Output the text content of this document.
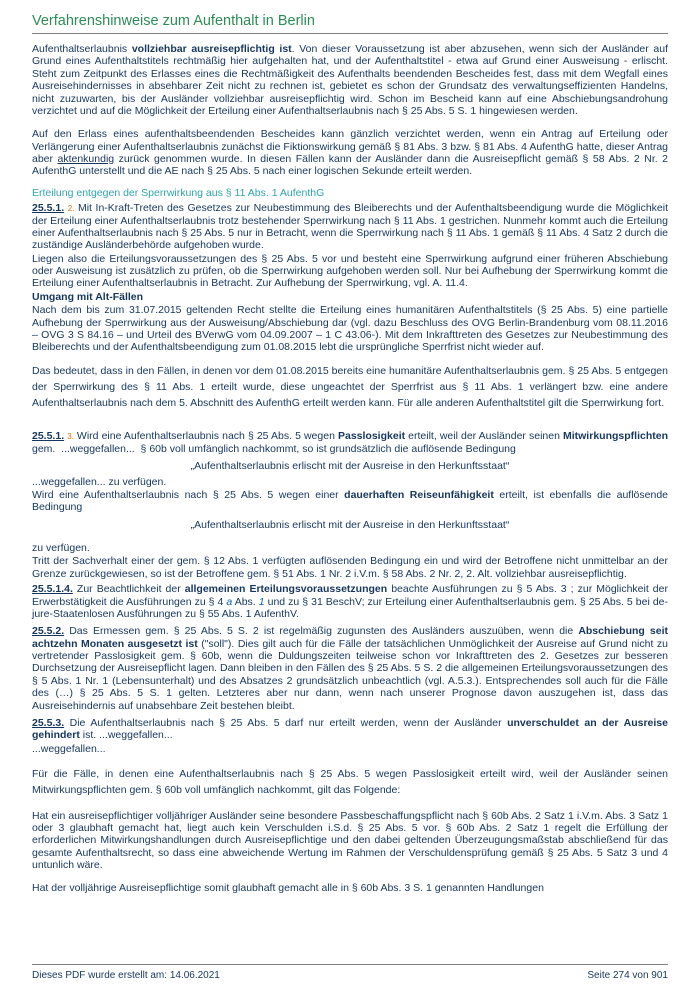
Verfahrenshinweise zum Aufenthalt in Berlin
Aufenthaltserlaubnis vollziehbar ausreisepflichtig ist. Von dieser Voraussetzung ist aber abzusehen, wenn sich der Ausländer auf Grund eines Aufenthaltstitels rechtmäßig hier aufgehalten hat, und der Aufenthaltstitel - etwa auf Grund einer Ausweisung - erlischt. Steht zum Zeitpunkt des Erlasses eines die Rechtmäßigkeit des Aufenthalts beendenden Bescheides fest, dass mit dem Wegfall eines Ausreisehindernisses in absehbarer Zeit nicht zu rechnen ist, gebietet es schon der Grundsatz des verwaltungseffizienten Handelns, nicht zuzuwarten, bis der Ausländer vollziehbar ausreisepflichtig wird. Schon im Bescheid kann auf eine Abschiebungsandrohung verzichtet und auf die Möglichkeit der Erteilung einer Aufenthaltserlaubnis nach § 25 Abs. 5 S. 1 hingewiesen werden.
Auf den Erlass eines aufenthaltsbeendenden Bescheides kann gänzlich verzichtet werden, wenn ein Antrag auf Erteilung oder Verlängerung einer Aufenthaltserlaubnis zunächst die Fiktionswirkung gemäß § 81 Abs. 3 bzw. § 81 Abs. 4 AufenthG hatte, dieser Antrag aber aktenkundig zurück genommen wurde. In diesen Fällen kann der Ausländer dann die Ausreisepflicht gemäß § 58 Abs. 2 Nr. 2 AufenthG unterstellt und die AE nach § 25 Abs. 5 nach einer logischen Sekunde erteilt werden.
Erteilung entgegen der Sperrwirkung aus § 11 Abs. 1 AufenthG
25.5.1. 2. Mit In-Kraft-Treten des Gesetzes zur Neubestimmung des Bleiberechts und der Aufenthaltsbeendigung wurde die Möglichkeit der Erteilung einer Aufenthaltserlaubnis trotz bestehender Sperrwirkung nach § 11 Abs. 1 gestrichen. Nunmehr kommt auch die Erteilung einer Aufenthaltserlaubnis nach § 25 Abs. 5 nur in Betracht, wenn die Sperrwirkung nach § 11 Abs. 1 gemäß § 11 Abs. 4 Satz 2 durch die zuständige Ausländerbehörde aufgehoben wurde.
Liegen also die Erteilungsvoraussetzungen des § 25 Abs. 5 vor und besteht eine Sperrwirkung aufgrund einer früheren Abschiebung oder Ausweisung ist zusätzlich zu prüfen, ob die Sperrwirkung aufgehoben werden soll. Nur bei Aufhebung der Sperrwirkung kommt die Erteilung einer Aufenthaltserlaubnis in Betracht. Zur Aufhebung der Sperrwirkung, vgl. A. 11.4.
Umgang mit Alt-Fällen
Nach dem bis zum 31.07.2015 geltenden Recht stellte die Erteilung eines humanitären Aufenthaltstitels (§ 25 Abs. 5) eine partielle Aufhebung der Sperrwirkung aus der Ausweisung/Abschiebung dar (vgl. dazu Beschluss des OVG Berlin-Brandenburg vom 08.11.2016 – OVG 3 S 84.16 – und Urteil des BVerwG vom 04.09.2007 – 1 C 43.06-). Mit dem Inkrafttreten des Gesetzes zur Neubestimmung des Bleiberechts und der Aufenthaltsbeendigung zum 01.08.2015 lebt die ursprüngliche Sperrfrist nicht wieder auf.
Das bedeutet, dass in den Fällen, in denen vor dem 01.08.2015 bereits eine humanitäre Aufenthaltserlaubnis gem. § 25 Abs. 5 entgegen der Sperrwirkung des § 11 Abs. 1 erteilt wurde, diese ungeachtet der Sperrfrist aus § 11 Abs. 1 verlängert bzw. eine andere Aufenthaltserlaubnis nach dem 5. Abschnitt des AufenthG erteilt werden kann. Für alle anderen Aufenthaltstitel gilt die Sperrwirkung fort.
25.5.1. 3. Wird eine Aufenthaltserlaubnis nach § 25 Abs. 5 wegen Passlosigkeit erteilt, weil der Ausländer seinen Mitwirkungspflichten gem.  ...weggefallen...  § 60b voll umfänglich nachkommt, so ist grundsätzlich die auflösende Bedingung
„Aufenthaltserlaubnis erlischt mit der Ausreise in den Herkunftsstaat“
...weggefallen... zu verfügen.
Wird eine Aufenthaltserlaubnis nach § 25 Abs. 5 wegen einer dauerhaften Reiseunfähigkeit erteilt, ist ebenfalls die auflösende Bedingung
„Aufenthaltserlaubnis erlischt mit der Ausreise in den Herkunftsstaat“
zu verfügen.
Tritt der Sachverhalt einer der gem. § 12 Abs. 1 verfügten auflösenden Bedingung ein und wird der Betroffene nicht unmittelbar an der Grenze zurückgewiesen, so ist der Betroffene gem. § 51 Abs. 1 Nr. 2 i.V.m. § 58 Abs. 2 Nr. 2, 2. Alt. vollziehbar ausreisepflichtig.
25.5.1.4. Zur Beachtlichkeit der allgemeinen Erteilungsvoraussetzungen beachte Ausführungen zu § 5 Abs. 3 ; zur Möglichkeit der Erwerbstätigkeit die Ausführungen zu § 4 a Abs. 1 und zu § 31 BeschV; zur Erteilung einer Aufenthaltserlaubnis gem. § 25 Abs. 5 bei de-jure-Staatenlosen Ausführungen zu § 55 Abs. 1 AufenthV.
25.5.2. Das Ermessen gem. § 25 Abs. 5 S. 2 ist regelmäßig zugunsten des Ausländers auszuüben, wenn die Abschiebung seit achtzehn Monaten ausgesetzt ist ("soll"). Dies gilt auch für die Fälle der tatsächlichen Unmöglichkeit der Ausreise auf Grund nicht zu vertretender Passlosigkeit gem. § 60b, wenn die Duldungszeiten teilweise schon vor Inkrafttreten des 2. Gesetzes zur besseren Durchsetzung der Ausreisepflicht lagen. Dann bleiben in den Fällen des § 25 Abs. 5 S. 2 die allgemeinen Erteilungsvoraussetzungen des § 5 Abs. 1 Nr. 1 (Lebensunterhalt) und des Absatzes 2 grundsätzlich unbeachtlich (vgl. A.5.3.). Entsprechendes soll auch für die Fälle des (…) § 25 Abs. 5 S. 1 gelten. Letzteres aber nur dann, wenn nach unserer Prognose davon auszugehen ist, dass das Ausreisehindernis auf unabsehbare Zeit bestehen bleibt.
25.5.3. Die Aufenthaltserlaubnis nach § 25 Abs. 5 darf nur erteilt werden, wenn der Ausländer unverschuldet an der Ausreise gehindert ist. ...weggefallen...
...weggefallen...
Für die Fälle, in denen eine Aufenthaltserlaubnis nach § 25 Abs. 5 wegen Passlosigkeit erteilt wird, weil der Ausländer seinen Mitwirkungspflichten gem. § 60b voll umfänglich nachkommt, gilt das Folgende:
Hat ein ausreisepflichtiger volljähriger Ausländer seine besondere Passbeschaffungspflicht nach § 60b Abs. 2 Satz 1 i.V.m. Abs. 3 Satz 1 oder 3 glaubhaft gemacht hat, liegt auch kein Verschulden i.S.d. § 25 Abs. 5 vor. § 60b Abs. 2 Satz 1 regelt die Erfüllung der erforderlichen Mitwirkungshandlungen durch Ausreisepflichtige und den dabei geltenden Überzeugungsmaßstab abschließend für das gesamte Aufenthaltsrecht, so dass eine abweichende Wertung im Rahmen der Verschuldensprüfung gemäß § 25 Abs. 5 Satz 3 und 4 untunlich wäre.
Hat der volljährige Ausreisepflichtige somit glaubhaft gemacht alle in § 60b Abs. 3 S. 1 genannten Handlungen
Dieses PDF wurde erstellt am: 14.06.2021	Seite 274 von 901
